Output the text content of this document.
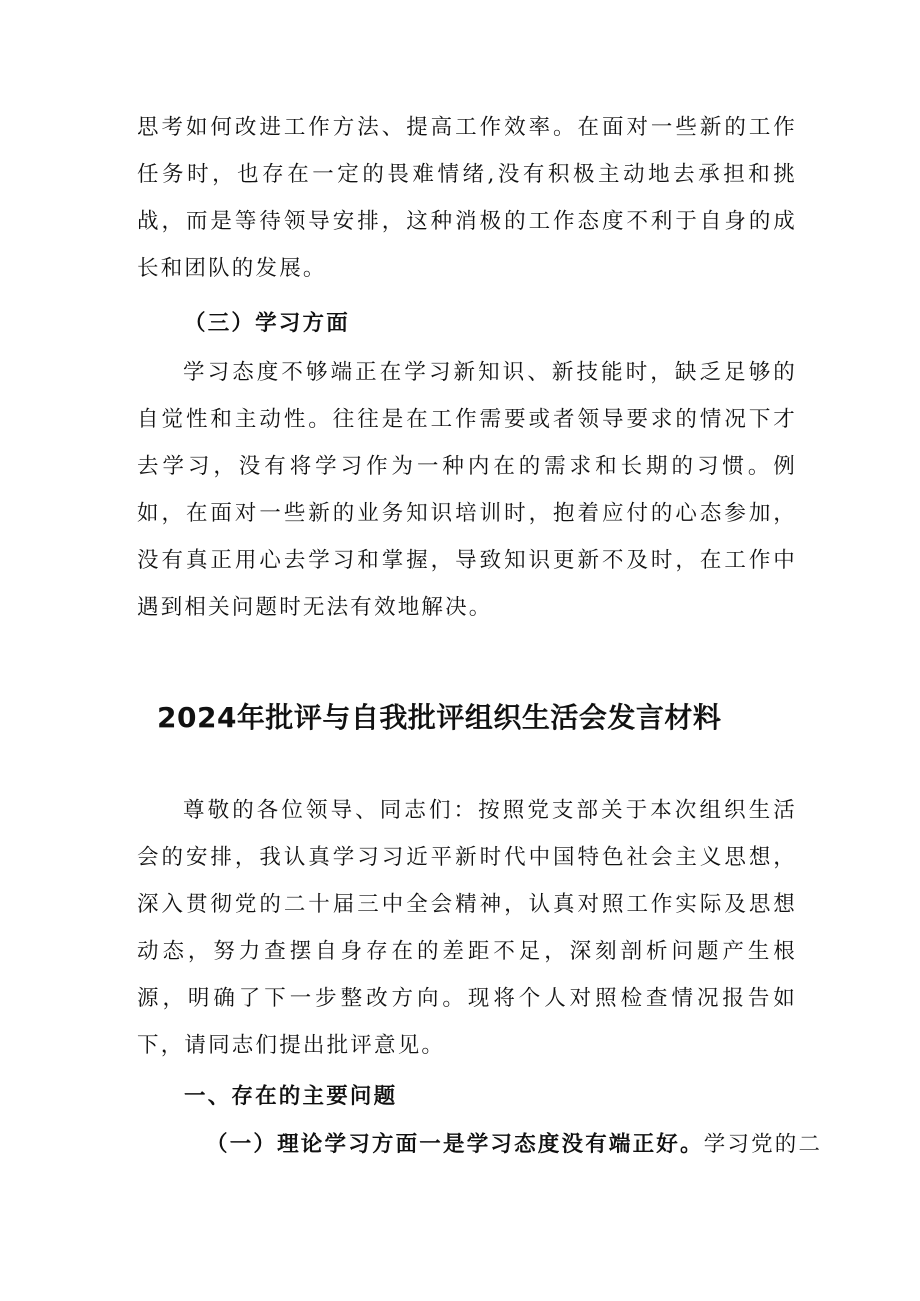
思考如何改进工作方法、提高工作效率。在面对一些新的工作任务时，也存在一定的畏难情绪,没有积极主动地去承担和挑战，而是等待领导安排，这种消极的工作态度不利于自身的成长和团队的发展。

（三）学习方面

学习态度不够端正在学习新知识、新技能时，缺乏足够的自觉性和主动性。往往是在工作需要或者领导要求的情况下才去学习，没有将学习作为一种内在的需求和长期的习惯。例如，在面对一些新的业务知识培训时，抱着应付的心态参加，没有真正用心去学习和掌握，导致知识更新不及时，在工作中遇到相关问题时无法有效地解决。

2024年批评与自我批评组织生活会发言材料

尊敬的各位领导、同志们：按照党支部关于本次组织生活会的安排，我认真学习习近平新时代中国特色社会主义思想，深入贯彻党的二十届三中全会精神，认真对照工作实际及思想动态，努力查摆自身存在的差距不足，深刻剖析问题产生根源，明确了下一步整改方向。现将个人对照检查情况报告如下，请同志们提出批评意见。

一、存在的主要问题

（一）理论学习方面一是学习态度没有端正好。学习党的二
